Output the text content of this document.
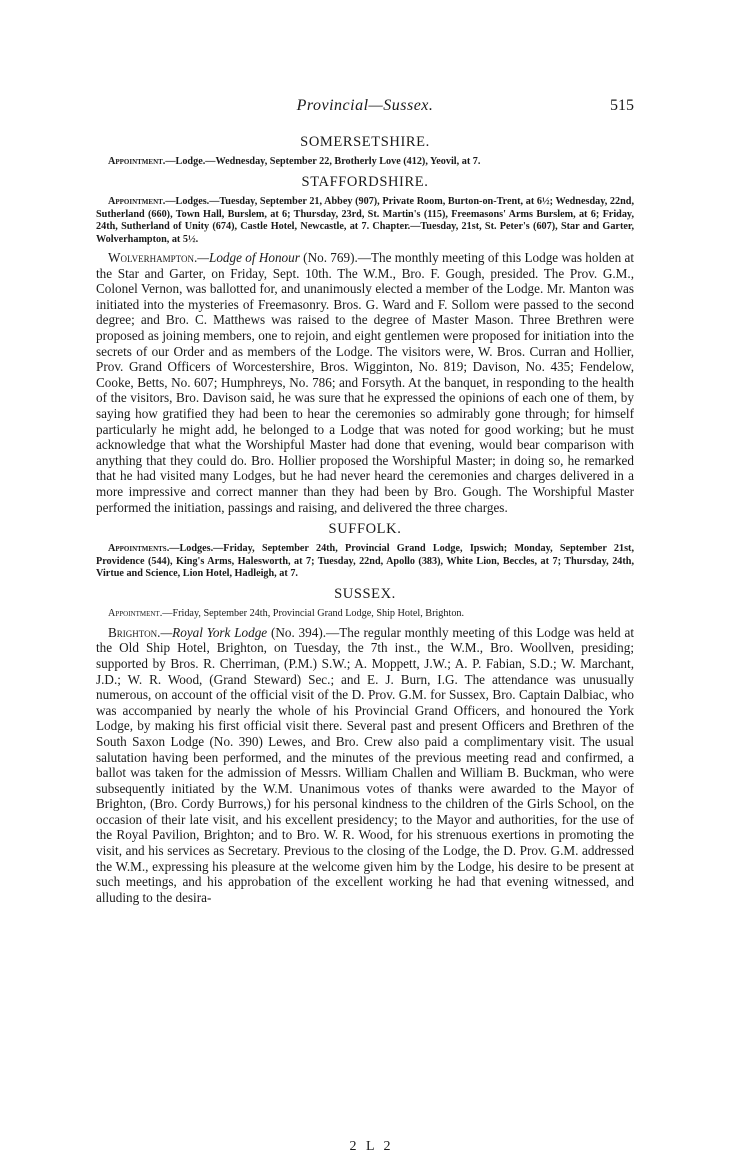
Provincial—Sussex.	515
SOMERSETSHIRE.

Appointment.—Lodge.—Wednesday, September 22, Brotherly Love (412), Yeovil, at 7.

STAFFORDSHIRE.

Appointment.—Lodges.—Tuesday, September 21, Abbey (907), Private Room, Burton-on-Trent, at 6½; Wednesday, 22nd, Sutherland (660), Town Hall, Burslem, at 6; Thursday, 23rd, St. Martin's (115), Freemasons' Arms Burslem, at 6; Friday, 24th, Sutherland of Unity (674), Castle Hotel, Newcastle, at 7. Chapter.—Tuesday, 21st, St. Peter's (607), Star and Garter, Wolverhampton, at 5½.

Wolverhampton.—Lodge of Honour (No. 769).—The monthly meeting of this Lodge was holden at the Star and Garter, on Friday, Sept. 10th. The W.M., Bro. F. Gough, presided. The Prov. G.M., Colonel Vernon, was ballotted for, and unanimously elected a member of the Lodge. Mr. Manton was initiated into the mysteries of Freemasonry. Bros. G. Ward and F. Sollom were passed to the second degree; and Bro. C. Matthews was raised to the degree of Master Mason. Three Brethren were proposed as joining members, one to rejoin, and eight gentlemen were proposed for initiation into the secrets of our Order and as members of the Lodge. The visitors were, W. Bros. Curran and Hollier, Prov. Grand Officers of Worcestershire, Bros. Wigginton, No. 819; Davison, No. 435; Fendelow, Cooke, Betts, No. 607; Humphreys, No. 786; and Forsyth. At the banquet, in responding to the health of the visitors, Bro. Davison said, he was sure that he expressed the opinions of each one of them, by saying how gratified they had been to hear the ceremonies so admirably gone through; for himself particularly he might add, he belonged to a Lodge that was noted for good working; but he must acknowledge that what the Worshipful Master had done that evening, would bear comparison with anything that they could do. Bro. Hollier proposed the Worshipful Master; in doing so, he remarked that he had visited many Lodges, but he had never heard the ceremonies and charges delivered in a more impressive and correct manner than they had been by Bro. Gough. The Worshipful Master performed the initiation, passings and raising, and delivered the three charges.

SUFFOLK.

Appointments.—Lodges.—Friday, September 24th, Provincial Grand Lodge, Ipswich; Monday, September 21st, Providence (544), King's Arms, Halesworth, at 7; Tuesday, 22nd, Apollo (383), White Lion, Beccles, at 7; Thursday, 24th, Virtue and Science, Lion Hotel, Hadleigh, at 7.

SUSSEX.

Appointment.—Friday, September 24th, Provincial Grand Lodge, Ship Hotel, Brighton.

Brighton.—Royal York Lodge (No. 394).—The regular monthly meeting of this Lodge was held at the Old Ship Hotel, Brighton, on Tuesday, the 7th inst., the W.M., Bro. Woollven, presiding; supported by Bros. R. Cherriman, (P.M.) S.W.; A. Moppett, J.W.; A. P. Fabian, S.D.; W. Marchant, J.D.; W. R. Wood, (Grand Steward) Sec.; and E. J. Burn, I.G. The attendance was unusually numerous, on account of the official visit of the D. Prov. G.M. for Sussex, Bro. Captain Dalbiac, who was accompanied by nearly the whole of his Provincial Grand Officers, and honoured the York Lodge, by making his first official visit there. Several past and present Officers and Brethren of the South Saxon Lodge (No. 390) Lewes, and Bro. Crew also paid a complimentary visit. The usual salutation having been performed, and the minutes of the previous meeting read and confirmed, a ballot was taken for the admission of Messrs. William Challen and William B. Buckman, who were subsequently initiated by the W.M. Unanimous votes of thanks were awarded to the Mayor of Brighton, (Bro. Cordy Burrows,) for his personal kindness to the children of the Girls School, on the occasion of their late visit, and his excellent presidency; to the Mayor and authorities, for the use of the Royal Pavilion, Brighton; and to Bro. W. R. Wood, for his strenuous exertions in promoting the visit, and his services as Secretary. Previous to the closing of the Lodge, the D. Prov. G.M. addressed the W.M., expressing his pleasure at the welcome given him by the Lodge, his desire to be present at such meetings, and his approbation of the excellent working he had that evening witnessed, and alluding to the desira-

2 L 2
